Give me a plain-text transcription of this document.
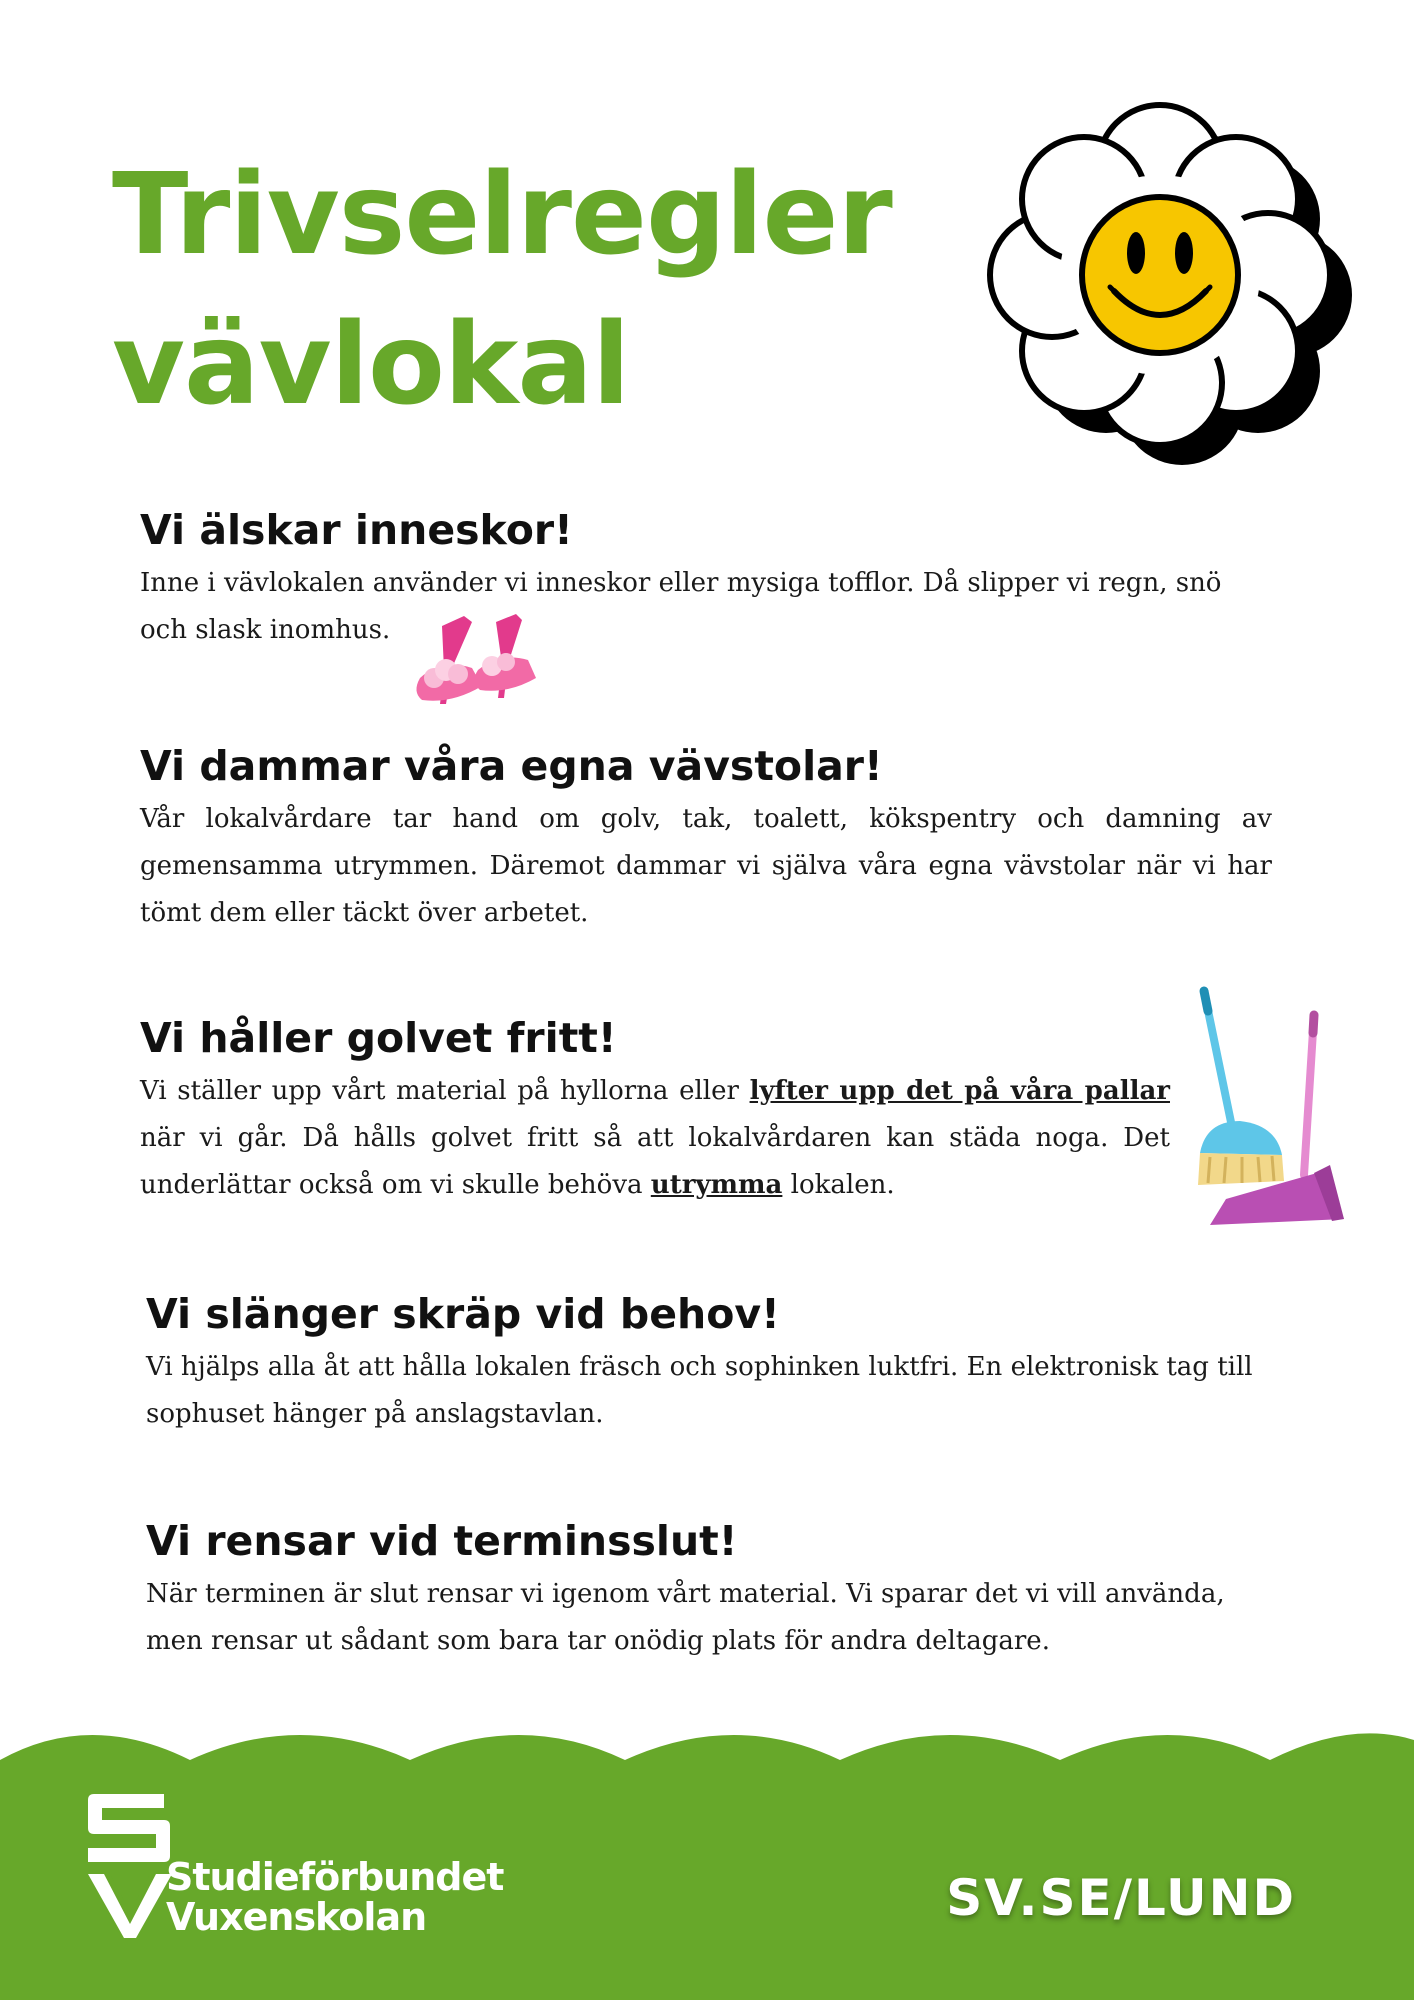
Trivselregler
vävlokal
Vi älskar inneskor!

Inne i vävlokalen använder vi inneskor eller mysiga tofflor. Då slipper vi regn, snö och slask inomhus.

Vi dammar våra egna vävstolar!

Vår lokalvårdare tar hand om golv, tak, toalett, kökspentry och damning av gemensamma utrymmen. Däremot dammar vi själva våra egna vävstolar när vi har tömt dem eller täckt över arbetet.

Vi håller golvet fritt!

Vi ställer upp vårt material på hyllorna eller lyfter upp det på våra pallar när vi går. Då hålls golvet fritt så att lokalvårdaren kan städa noga. Det underlättar också om vi skulle behöva utrymma lokalen.

Vi slänger skräp vid behov!

Vi hjälps alla åt att hålla lokalen fräsch och sophinken luktfri. En elektronisk tag till sophuset hänger på anslagstavlan.

Vi rensar vid terminsslut!

När terminen är slut rensar vi igenom vårt material. Vi sparar det vi vill använda, men rensar ut sådant som bara tar onödig plats för andra deltagare.

Studieförbundet
Vuxenskolan	SV.SE/LUND
